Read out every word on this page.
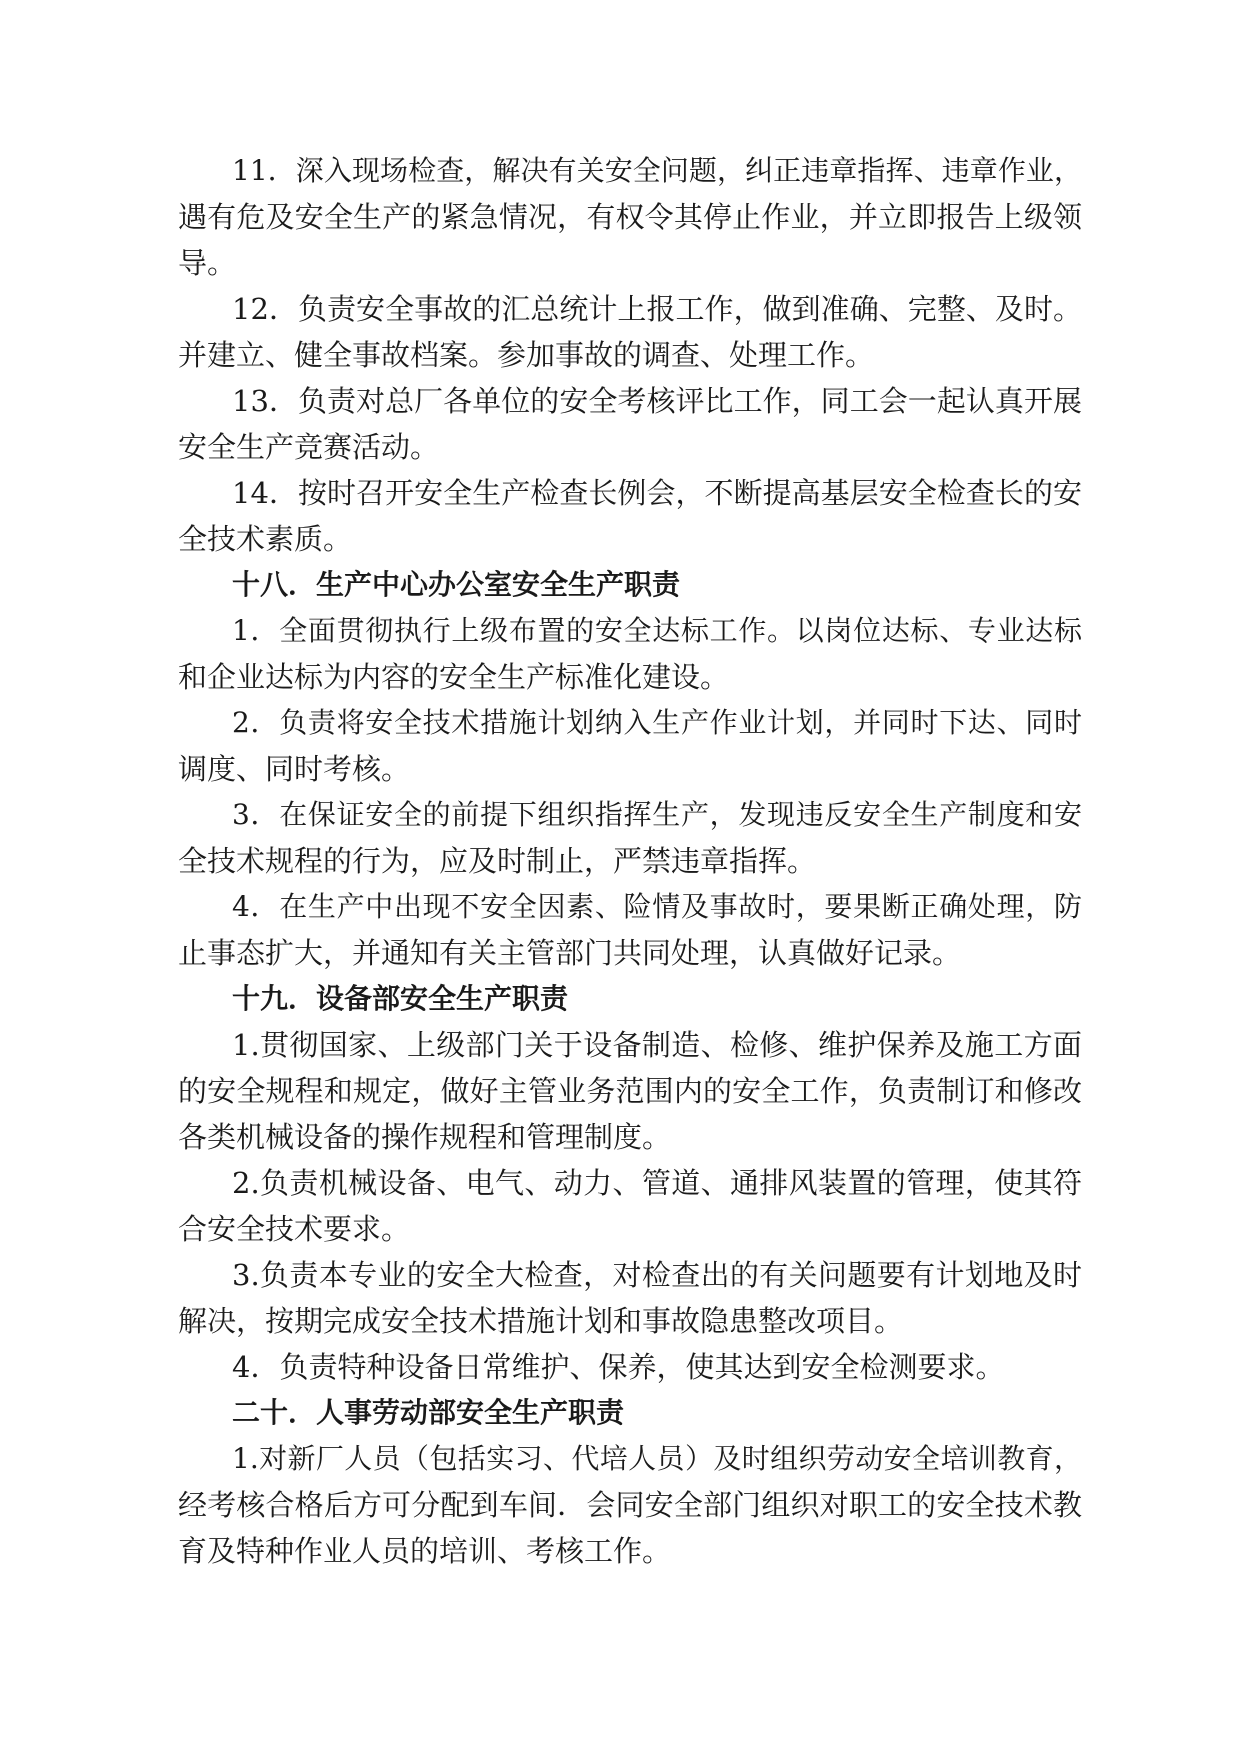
11．深入现场检查，解决有关安全问题，纠正违章指挥、违章作业，
遇有危及安全生产的紧急情况，有权令其停止作业，并立即报告上级领
导。
12．负责安全事故的汇总统计上报工作，做到准确、完整、及时。
并建立、健全事故档案。参加事故的调查、处理工作。
13．负责对总厂各单位的安全考核评比工作，同工会一起认真开展
安全生产竞赛活动。
14．按时召开安全生产检查长例会，不断提高基层安全检查长的安
全技术素质。
十八．生产中心办公室安全生产职责
1．全面贯彻执行上级布置的安全达标工作。以岗位达标、专业达标
和企业达标为内容的安全生产标准化建设。
2．负责将安全技术措施计划纳入生产作业计划，并同时下达、同时
调度、同时考核。
3．在保证安全的前提下组织指挥生产，发现违反安全生产制度和安
全技术规程的行为，应及时制止，严禁违章指挥。
4．在生产中出现不安全因素、险情及事故时，要果断正确处理，防
止事态扩大，并通知有关主管部门共同处理，认真做好记录。
十九．设备部安全生产职责
1.贯彻国家、上级部门关于设备制造、检修、维护保养及施工方面
的安全规程和规定，做好主管业务范围内的安全工作，负责制订和修改
各类机械设备的操作规程和管理制度。
2.负责机械设备、电气、动力、管道、通排风装置的管理，使其符
合安全技术要求。
3.负责本专业的安全大检查，对检查出的有关问题要有计划地及时
解决，按期完成安全技术措施计划和事故隐患整改项目。
4．负责特种设备日常维护、保养，使其达到安全检测要求。
二十．人事劳动部安全生产职责
1.对新厂人员（包括实习、代培人员）及时组织劳动安全培训教育，
经考核合格后方可分配到车间．会同安全部门组织对职工的安全技术教
育及特种作业人员的培训、考核工作。
